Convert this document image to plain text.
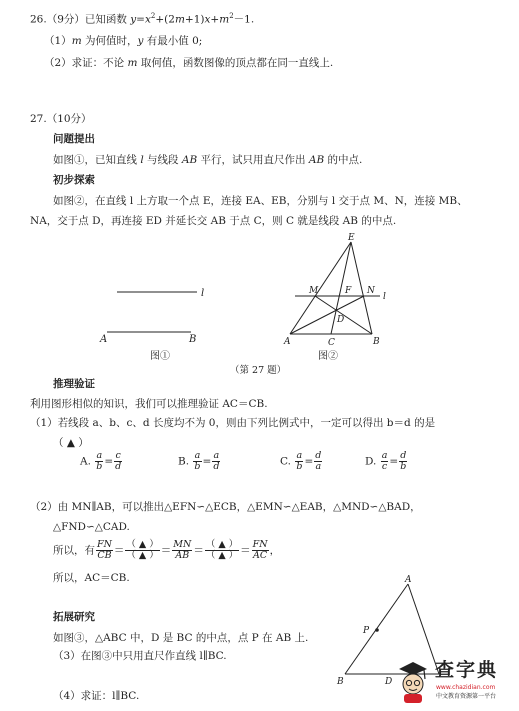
26.（9分）已知函数 $y=x^2+(2m+1)x+m^2-1$.
（1）m 为何值时，y 有最小值 0;
（2）求证：不论 m 取何值，函数图像的顶点都在同一直线上.
27.（10分）
问题提出
如图①，已知直线 l 与线段 AB 平行，试只用直尺作出 AB 的中点.
初步探索
如图②，在直线 l 上方取一个点 E，连接 EA、EB，分别与 l 交于点 M、N，连接 MB、
NA，交于点 D，再连接 ED 并延长交 AB 于点 C，则 C 就是线段 AB 的中点.
l
A	B
图①
E
M	F N
l
D
A	C	B
图②
（第 27 题）
推理验证
利用图形相似的知识，我们可以推理验证 AC＝CB.
（1）若线段 a、b、c、d 长度均不为 0，则由下列比例式中，一定可以得出 b＝d 的是
（ ▲ ）
A. $\frac{a}{b} = \frac{c}{d}$	B. $\frac{a}{b} = \frac{a}{d}$	C. $\frac{a}{b} = \frac{d}{a}$	D. $\frac{a}{c} = \frac{d}{b}$
（2）由 MN∥AB，可以推出△EFN∽△ECB，△EMN∽△EAB，△MND∽△BAD，
△FND∽△CAD.
所以，有 $\frac{FN}{CB} = \frac{( ▲ )}{( ▲ )} = \frac{MN}{AB} = \frac{( ▲ )}{( ▲ )} = \frac{FN}{AC}$ ，
所以，AC＝CB.
拓展研究
如图③，△ABC 中，D 是 BC 的中点，点 P 在 AB 上.
（3）在图③中只用直尺作直线 l∥BC.
（4）求证：l∥BC.
A
P
B	D
查字典
www.chazidian.com
中文教育资源第一平台
